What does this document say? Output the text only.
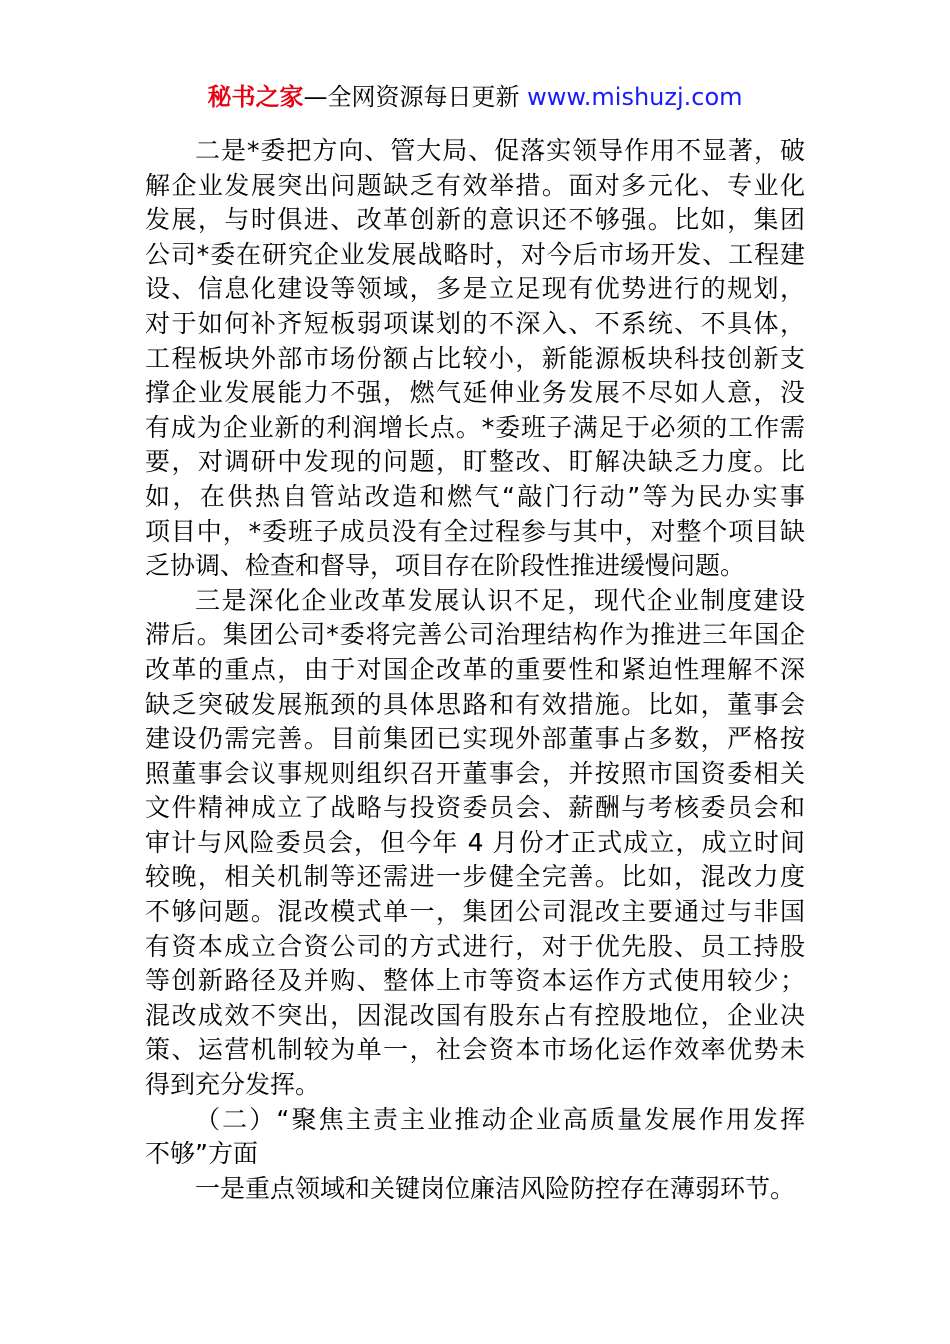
秘书之家—全网资源每日更新 www.mishuzj.com
二是*委把方向、管大局、促落实领导作用不显著，破
解企业发展突出问题缺乏有效举措。面对多元化、专业化
发展，与时俱进、改革创新的意识还不够强。比如，集团
公司*委在研究企业发展战略时，对今后市场开发、工程建
设、信息化建设等领域，多是立足现有优势进行的规划，
对于如何补齐短板弱项谋划的不深入、不系统、不具体，
工程板块外部市场份额占比较小，新能源板块科技创新支
撑企业发展能力不强，燃气延伸业务发展不尽如人意，没
有成为企业新的利润增长点。*委班子满足于必须的工作需
要，对调研中发现的问题，盯整改、盯解决缺乏力度。比
如，在供热自管站改造和燃气“敲门行动”等为民办实事
项目中，*委班子成员没有全过程参与其中，对整个项目缺
乏协调、检查和督导，项目存在阶段性推进缓慢问题。
三是深化企业改革发展认识不足，现代企业制度建设
滞后。集团公司*委将完善公司治理结构作为推进三年国企
改革的重点，由于对国企改革的重要性和紧迫性理解不深
缺乏突破发展瓶颈的具体思路和有效措施。比如，董事会
建设仍需完善。目前集团已实现外部董事占多数，严格按
照董事会议事规则组织召开董事会，并按照市国资委相关
文件精神成立了战略与投资委员会、薪酬与考核委员会和
审计与风险委员会，但今年 4 月份才正式成立，成立时间
较晚，相关机制等还需进一步健全完善。比如，混改力度
不够问题。混改模式单一，集团公司混改主要通过与非国
有资本成立合资公司的方式进行，对于优先股、员工持股
等创新路径及并购、整体上市等资本运作方式使用较少；
混改成效不突出，因混改国有股东占有控股地位，企业决
策、运营机制较为单一，社会资本市场化运作效率优势未
得到充分发挥。
（二）“聚焦主责主业推动企业高质量发展作用发挥
不够”方面
一是重点领域和关键岗位廉洁风险防控存在薄弱环节。
